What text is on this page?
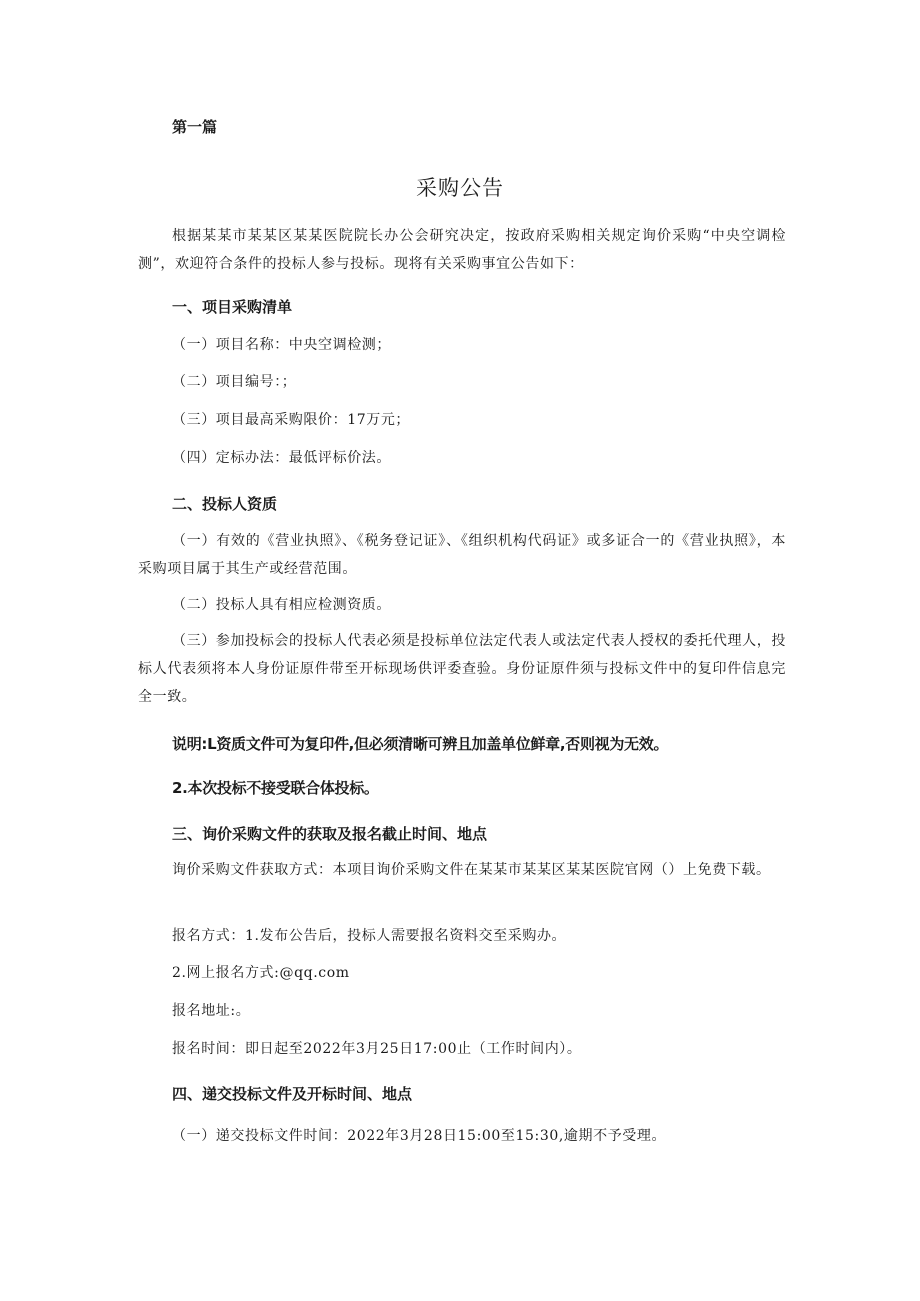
第一篇
采购公告
根据某某市某某区某某医院院长办公会研究决定，按政府采购相关规定询价采购“中央空调检测”，欢迎符合条件的投标人参与投标。现将有关采购事宜公告如下：
一、项目采购清单
（一）项目名称：中央空调检测；
（二）项目编号：；
（三）项目最高采购限价：17万元；
（四）定标办法：最低评标价法。
二、投标人资质
（一）有效的《营业执照》、《税务登记证》、《组织机构代码证》或多证合一的《营业执照》，本采购项目属于其生产或经营范围。
（二）投标人具有相应检测资质。
（三）参加投标会的投标人代表必须是投标单位法定代表人或法定代表人授权的委托代理人，投标人代表须将本人身份证原件带至开标现场供评委查验。身份证原件须与投标文件中的复印件信息完全一致。
说明:L资质文件可为复印件,但必须清晰可辨且加盖单位鲜章,否则视为无效。
2.本次投标不接受联合体投标。
三、询价采购文件的获取及报名截止时间、地点
询价采购文件获取方式：本项目询价采购文件在某某市某某区某某医院官网（）上免费下载。
报名方式：1.发布公告后，投标人需要报名资料交至采购办。
2.网上报名方式:@qq.com
报名地址:。
报名时间：即日起至2022年3月25日17:00止（工作时间内）。
四、递交投标文件及开标时间、地点
（一）递交投标文件时间：2022年3月28日15:00至15:30,逾期不予受理。
